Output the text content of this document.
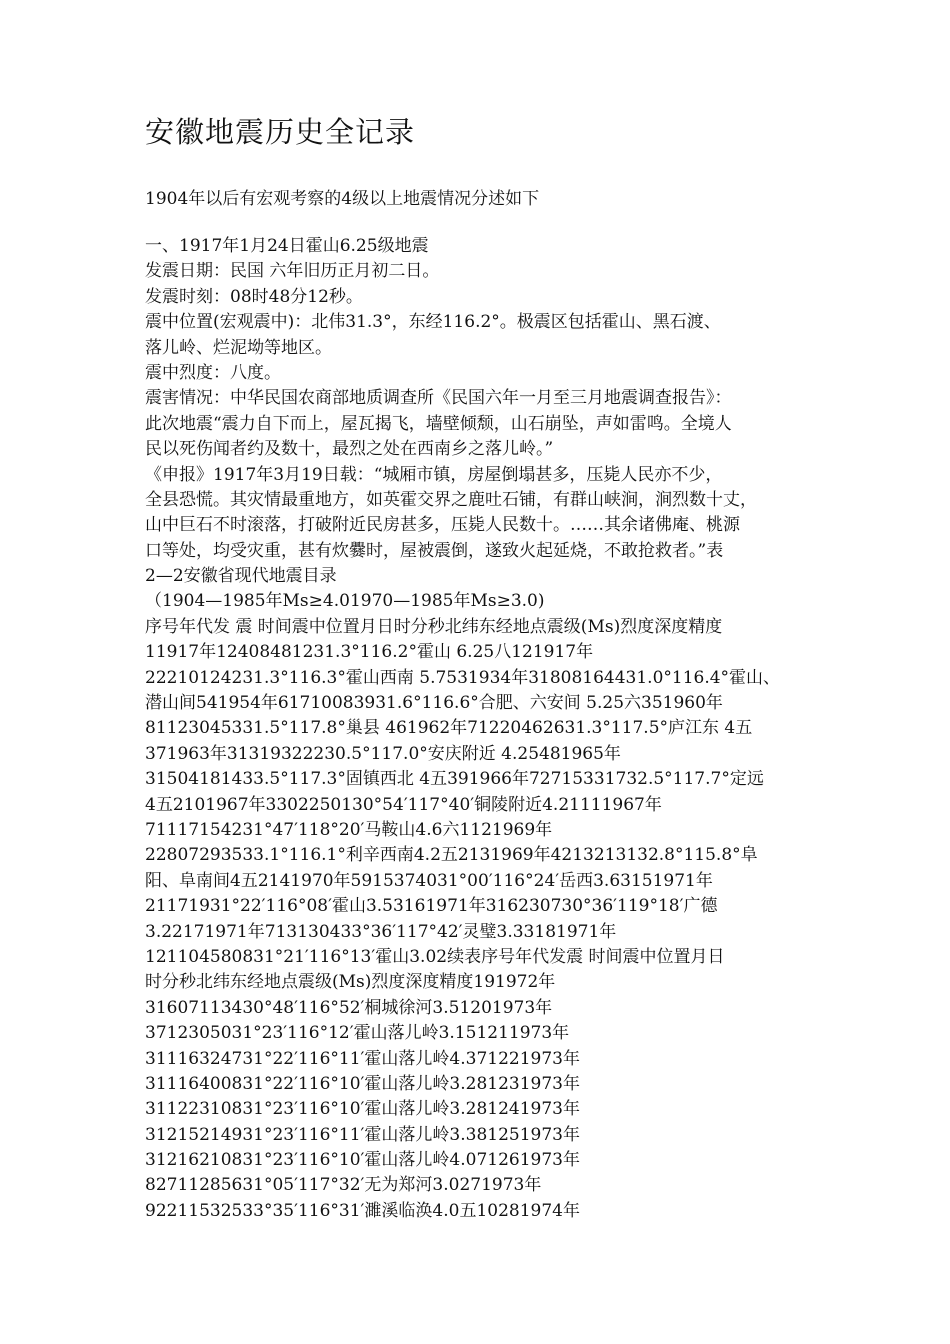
安徽地震历史全记录

1904年以后有宏观考察的4级以上地震情况分述如下

一、1917年1月24日霍山6.25级地震
发震日期：民国 六年旧历正月初二日。
发震时刻：08时48分12秒。
震中位置(宏观震中)：北伟31.3°，东经116.2°。极震区包括霍山、黑石渡、
落儿岭、烂泥坳等地区。
震中烈度：八度。
震害情况：中华民国农商部地质调查所《民国六年一月至三月地震调查报告》：
此次地震“震力自下而上，屋瓦揭飞，墙壁倾颓，山石崩坠，声如雷鸣。全境人
民以死伤闻者约及数十，最烈之处在西南乡之落儿岭。”
《申报》1917年3月19日载：“城厢市镇，房屋倒塌甚多，压毙人民亦不少，
全县恐慌。其灾情最重地方，如英霍交界之鹿吐石铺，有群山峡涧，涧烈数十丈，
山中巨石不时滚落，打破附近民房甚多，压毙人民数十。……其余诸佛庵、桃源
口等处，均受灾重，甚有炊爨时，屋被震倒，遂致火起延烧，不敢抢救者。”表
2—2安徽省现代地震目录
（1904—1985年Ms≥4.01970—1985年Ms≥3.0)
序号年代发 震 时间震中位置月日时分秒北纬东经地点震级(Ms)烈度深度精度
11917年12408481231.3°116.2°霍山 6.25八121917年
22210124231.3°116.3°霍山西南 5.7531934年31808164431.0°116.4°霍山、
潜山间541954年61710083931.6°116.6°合肥、六安间 5.25六351960年
81123045331.5°117.8°巢县 461962年71220462631.3°117.5°庐江东 4五
371963年31319322230.5°117.0°安庆附近 4.25481965年
31504181433.5°117.3°固镇西北 4五391966年72715331732.5°117.7°定远
4五2101967年3302250130°54′117°40′铜陵附近4.21111967年
71117154231°47′118°20′马鞍山4.6六1121969年
22807293533.1°116.1°利辛西南4.2五2131969年4213213132.8°115.8°阜
阳、阜南间4五2141970年5915374031°00′116°24′岳西3.63151971年
21171931°22′116°08′霍山3.53161971年316230730°36′119°18′广德
3.22171971年713130433°36′117°42′灵璧3.33181971年
121104580831°21′116°13′霍山3.02续表序号年代发震 时间震中位置月日
时分秒北纬东经地点震级(Ms)烈度深度精度191972年
31607113430°48′116°52′桐城徐河3.51201973年
3712305031°23′116°12′霍山落儿岭3.151211973年
31116324731°22′116°11′霍山落儿岭4.371221973年
31116400831°22′116°10′霍山落儿岭3.281231973年
31122310831°23′116°10′霍山落儿岭3.281241973年
31215214931°23′116°11′霍山落儿岭3.381251973年
31216210831°23′116°10′霍山落儿岭4.071261973年
82711285631°05′117°32′无为郑河3.0271973年
92211532533°35′116°31′濉溪临涣4.0五10281974年
